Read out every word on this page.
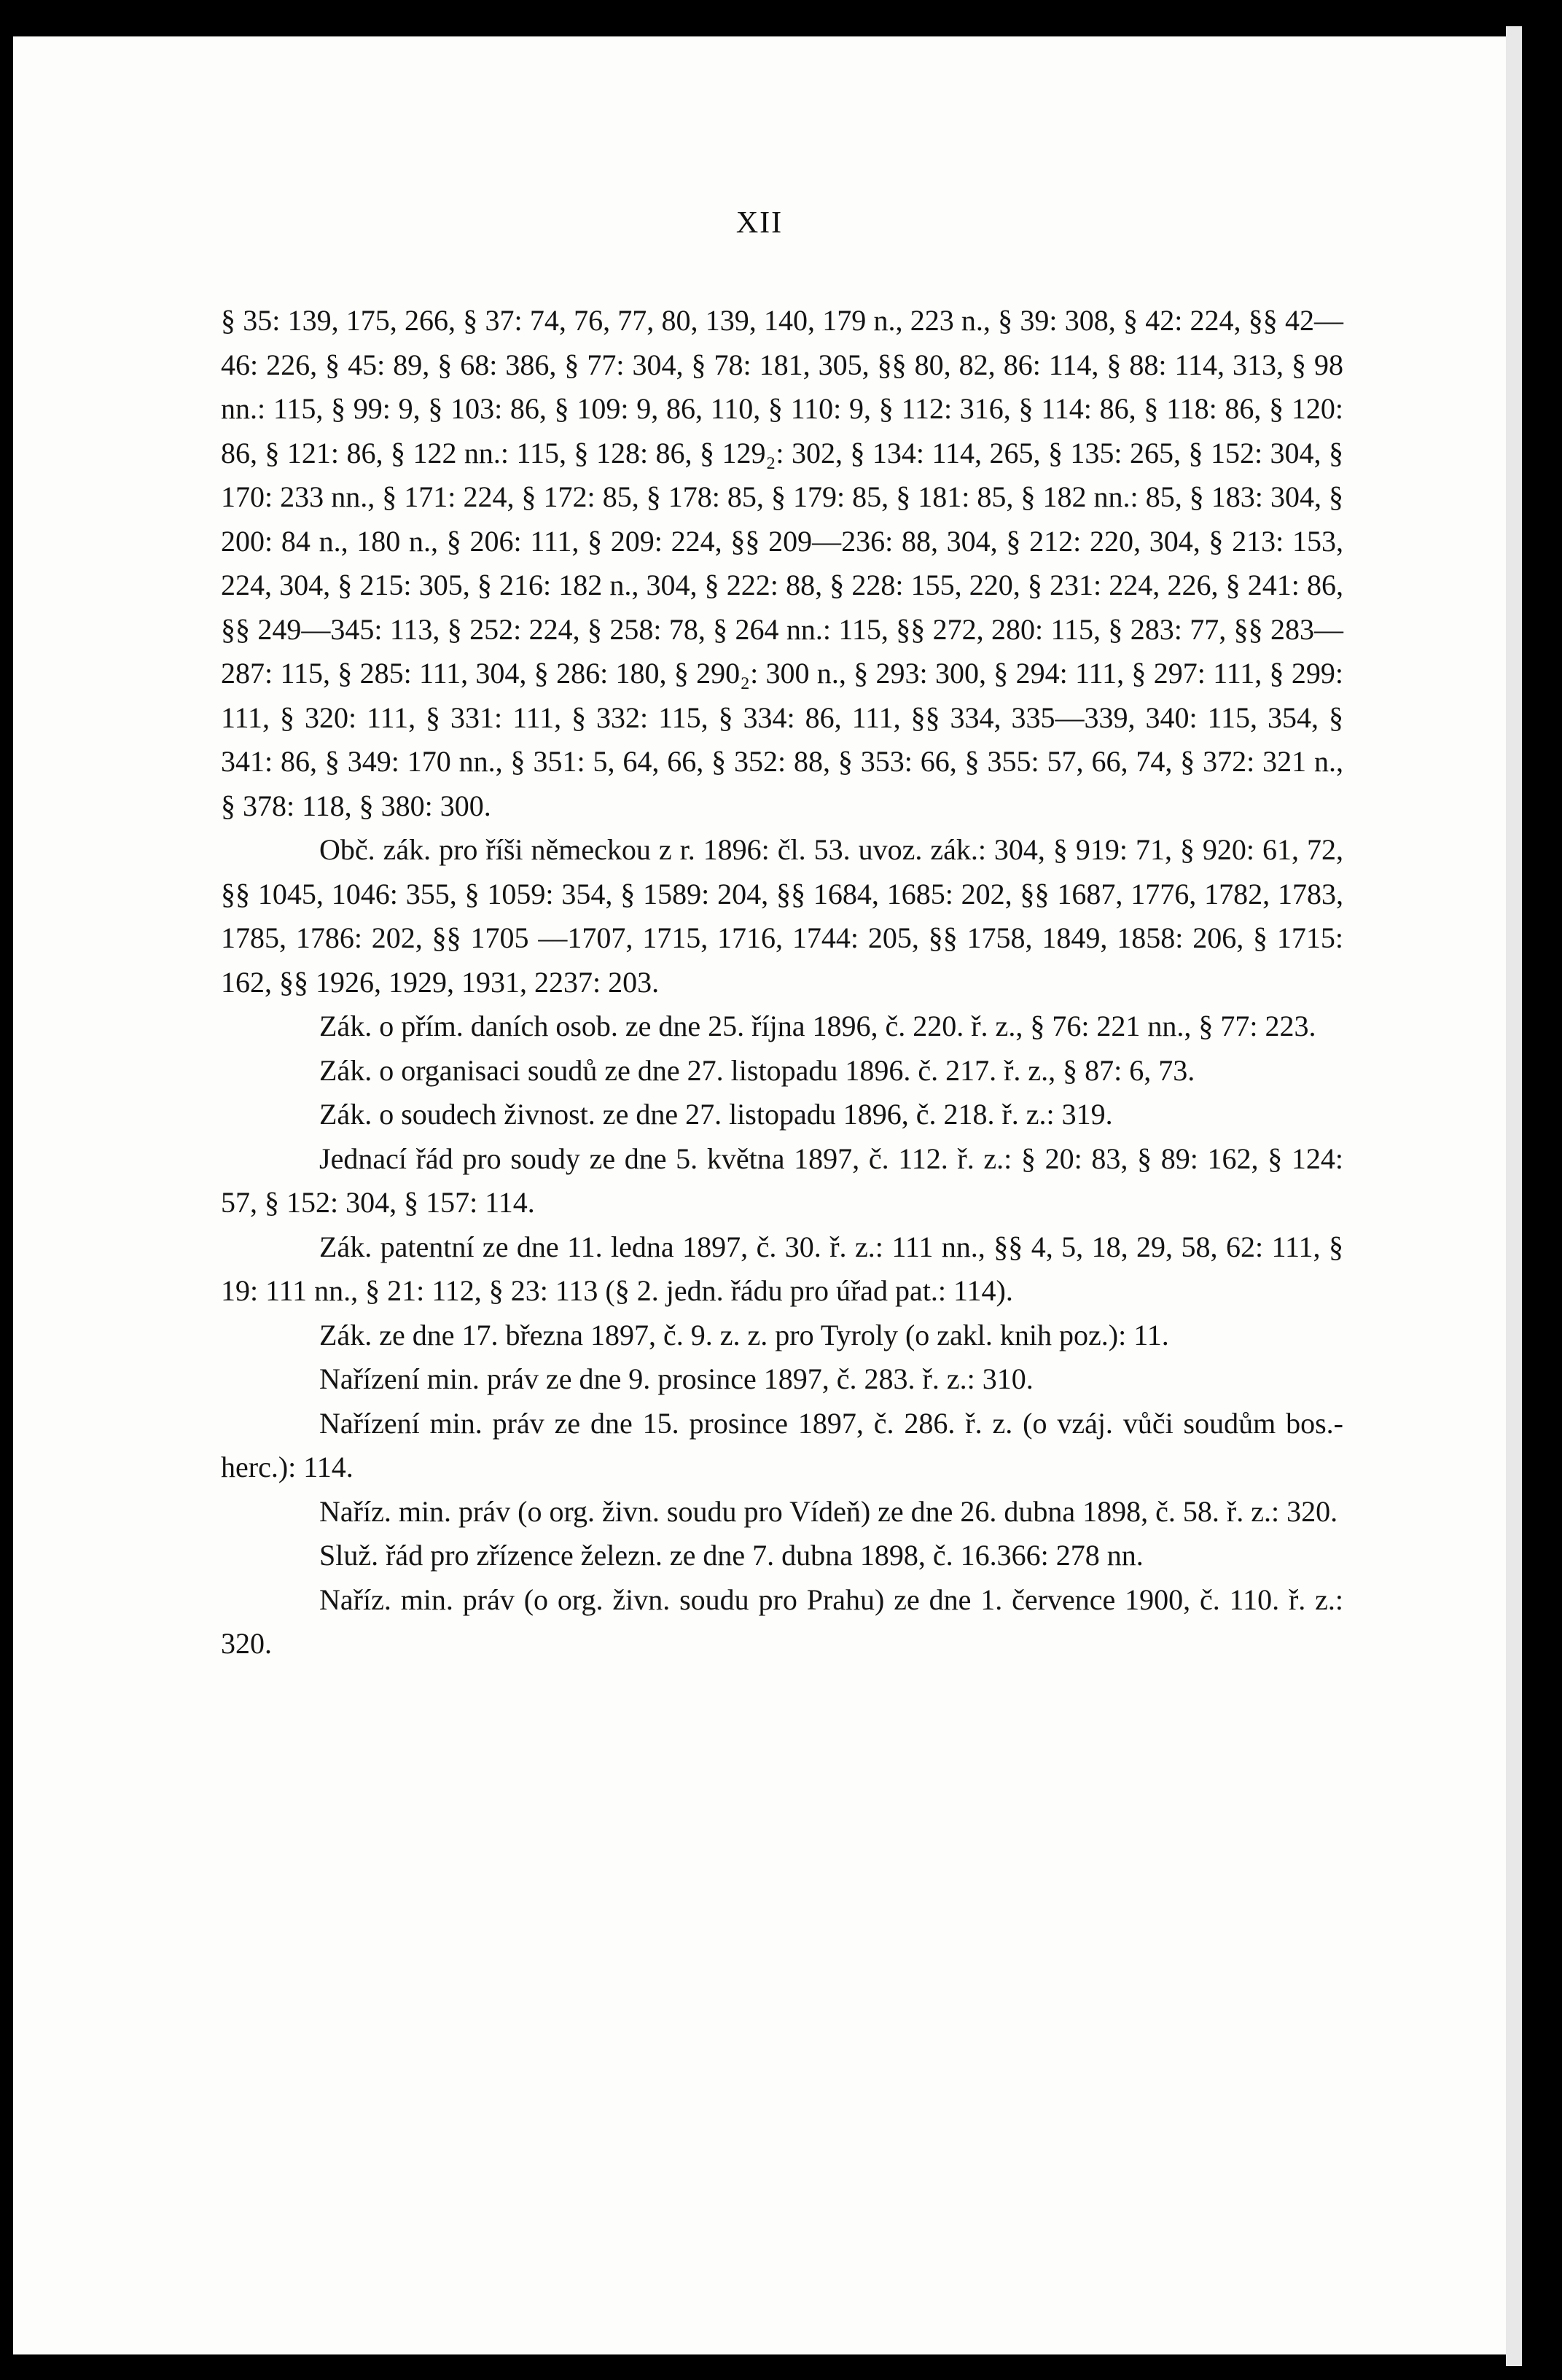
XII

§ 35: 139, 175, 266, § 37: 74, 76, 77, 80, 139, 140, 179 n., 223 n., § 39: 308, § 42: 224, §§ 42—46: 226, § 45: 89, § 68: 386, § 77: 304, § 78: 181, 305, §§ 80, 82, 86: 114, § 88: 114, 313, § 98 nn.: 115, § 99: 9, § 103: 86, § 109: 9, 86, 110, § 110: 9, § 112: 316, § 114: 86, § 118: 86, § 120: 86, § 121: 86, § 122 nn.: 115, § 128: 86, § 129₂: 302, § 134: 114, 265, § 135: 265, § 152: 304, § 170: 233 nn., § 171: 224, § 172: 85, § 178: 85, § 179: 85, § 181: 85, § 182 nn.: 85, § 183: 304, § 200: 84 n., 180 n., § 206: 111, § 209: 224, §§ 209—236: 88, 304, § 212: 220, 304, § 213: 153, 224, 304, § 215: 305, § 216: 182 n., 304, § 222: 88, § 228: 155, 220, § 231: 224, 226, § 241: 86, §§ 249—345: 113, § 252: 224, § 258: 78, § 264 nn.: 115, §§ 272, 280: 115, § 283: 77, §§ 283—287: 115, § 285: 111, 304, § 286: 180, § 290₂: 300 n., § 293: 300, § 294: 111, § 297: 111, § 299: 111, § 320: 111, § 331: 111, § 332: 115, § 334: 86, 111, §§ 334, 335—339, 340: 115, 354, § 341: 86, § 349: 170 nn., § 351: 5, 64, 66, § 352: 88, § 353: 66, § 355: 57, 66, 74, § 372: 321 n., § 378: 118, § 380: 300.

Obč. zák. pro říši německou z r. 1896: čl. 53. uvoz. zák.: 304, § 919: 71, § 920: 61, 72, §§ 1045, 1046: 355, § 1059: 354, § 1589: 204, §§ 1684, 1685: 202, §§ 1687, 1776, 1782, 1783, 1785, 1786: 202, §§ 1705 —1707, 1715, 1716, 1744: 205, §§ 1758, 1849, 1858: 206, § 1715: 162, §§ 1926, 1929, 1931, 2237: 203.

Zák. o přím. daních osob. ze dne 25. října 1896, č. 220. ř. z., § 76: 221 nn., § 77: 223.

Zák. o organisaci soudů ze dne 27. listopadu 1896. č. 217. ř. z., § 87: 6, 73.

Zák. o soudech živnost. ze dne 27. listopadu 1896, č. 218. ř. z.: 319.

Jednací řád pro soudy ze dne 5. května 1897, č. 112. ř. z.: § 20: 83, § 89: 162, § 124: 57, § 152: 304, § 157: 114.

Zák. patentní ze dne 11. ledna 1897, č. 30. ř. z.: 111 nn., §§ 4, 5, 18, 29, 58, 62: 111, § 19: 111 nn., § 21: 112, § 23: 113 (§ 2. jedn. řádu pro úřad pat.: 114).

Zák. ze dne 17. března 1897, č. 9. z. z. pro Tyroly (o zakl. knih poz.): 11.

Nařízení min. práv ze dne 9. prosince 1897, č. 283. ř. z.: 310.

Nařízení min. práv ze dne 15. prosince 1897, č. 286. ř. z. (o vzáj. vůči soudům bos.-herc.): 114.

Naříz. min. práv (o org. živn. soudu pro Vídeň) ze dne 26. dubna 1898, č. 58. ř. z.: 320.

Služ. řád pro zřízence železn. ze dne 7. dubna 1898, č. 16.366: 278 nn.

Naříz. min. práv (o org. živn. soudu pro Prahu) ze dne 1. července 1900, č. 110. ř. z.: 320.
